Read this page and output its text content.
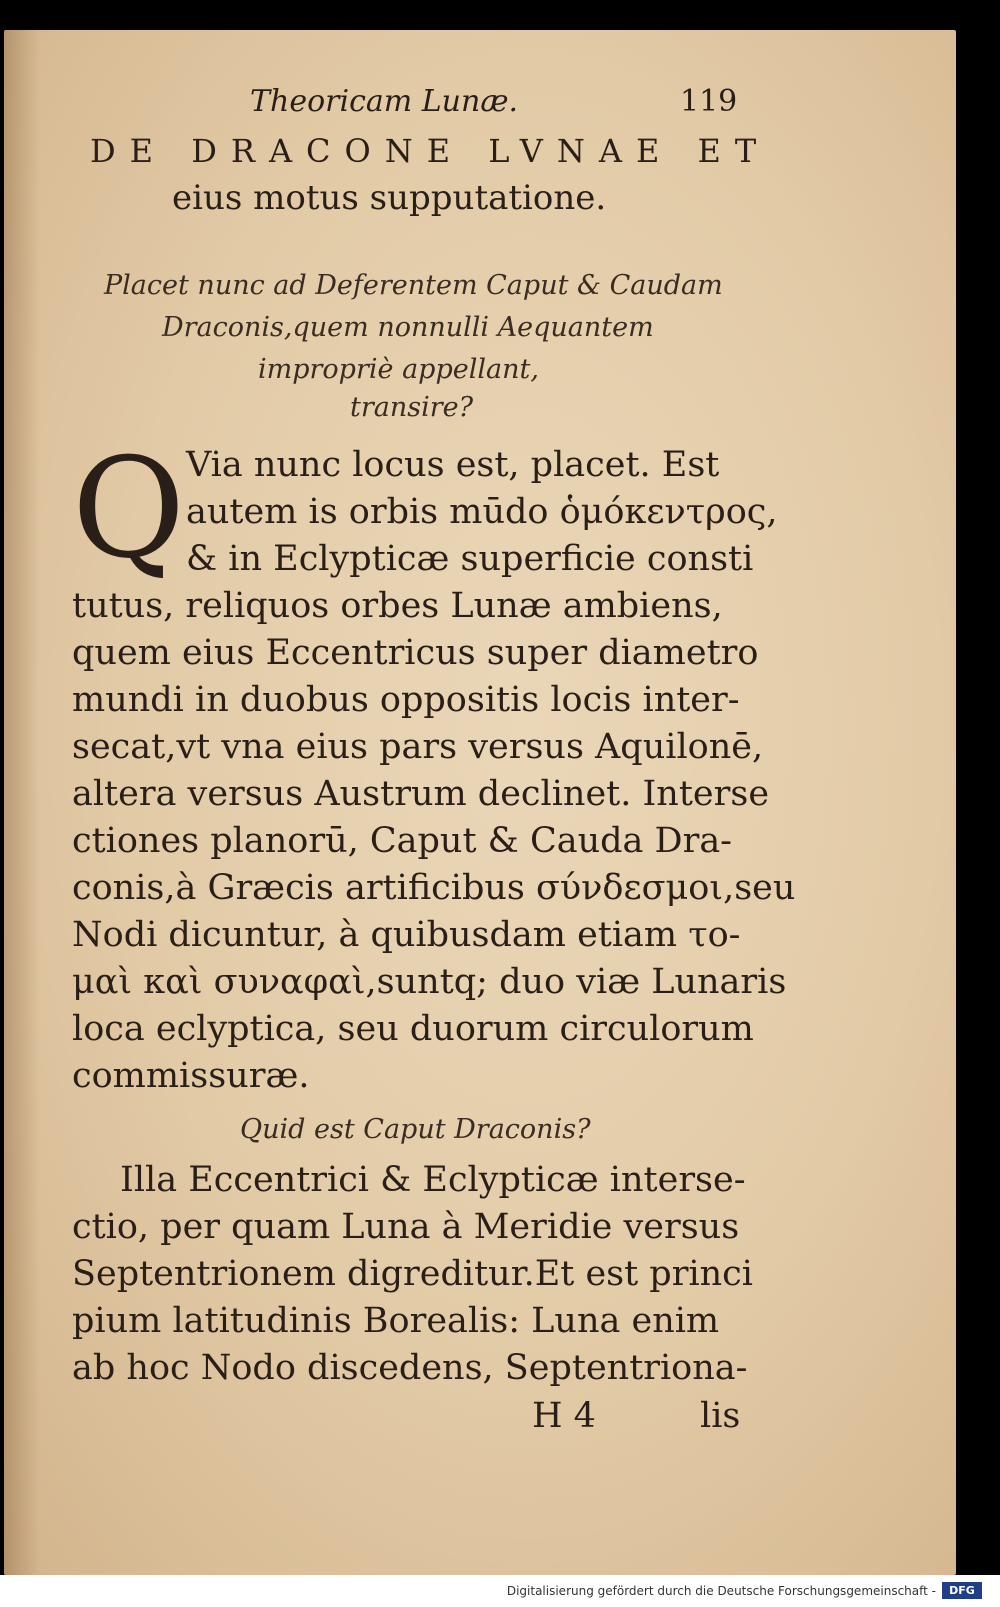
Theoricam Lunæ.	119
DE DRACONE LVNAE ET
eius motus supputatione.
Placet nunc ad Deferentem Caput & Caudam
Draconis,quem nonnulli Aequantem
impropriè appellant,
transire?
Q Via nunc locus est, placet. Est
autem is orbis mūdo ὁμόκεντρος,
& in Eclypticæ superficie consti
tutus, reliquos orbes Lunæ ambiens,
quem eius Eccentricus super diametro
mundi in duobus oppositis locis inter-
secat,vt vna eius pars versus Aquilonē,
altera versus Austrum declinet. Interse
ctiones planorū, Caput & Cauda Dra-
conis,à Græcis artificibus σύνδεσμοι,seu
Nodi dicuntur, à quibusdam etiam το-
μαὶ καὶ συναφαὶ,suntq; duo viæ Lunaris
loca eclyptica, seu duorum circulorum
commissuræ.
Quid est Caput Draconis?
Illa Eccentrici & Eclypticæ interse-
ctio, per quam Luna à Meridie versus
Septentrionem digreditur.Et est princi
pium latitudinis Borealis: Luna enim
ab hoc Nodo discedens, Septentriona-
H 4	lis
Digitalisierung gefördert durch die Deutsche Forschungsgemeinschaft -	DFG
